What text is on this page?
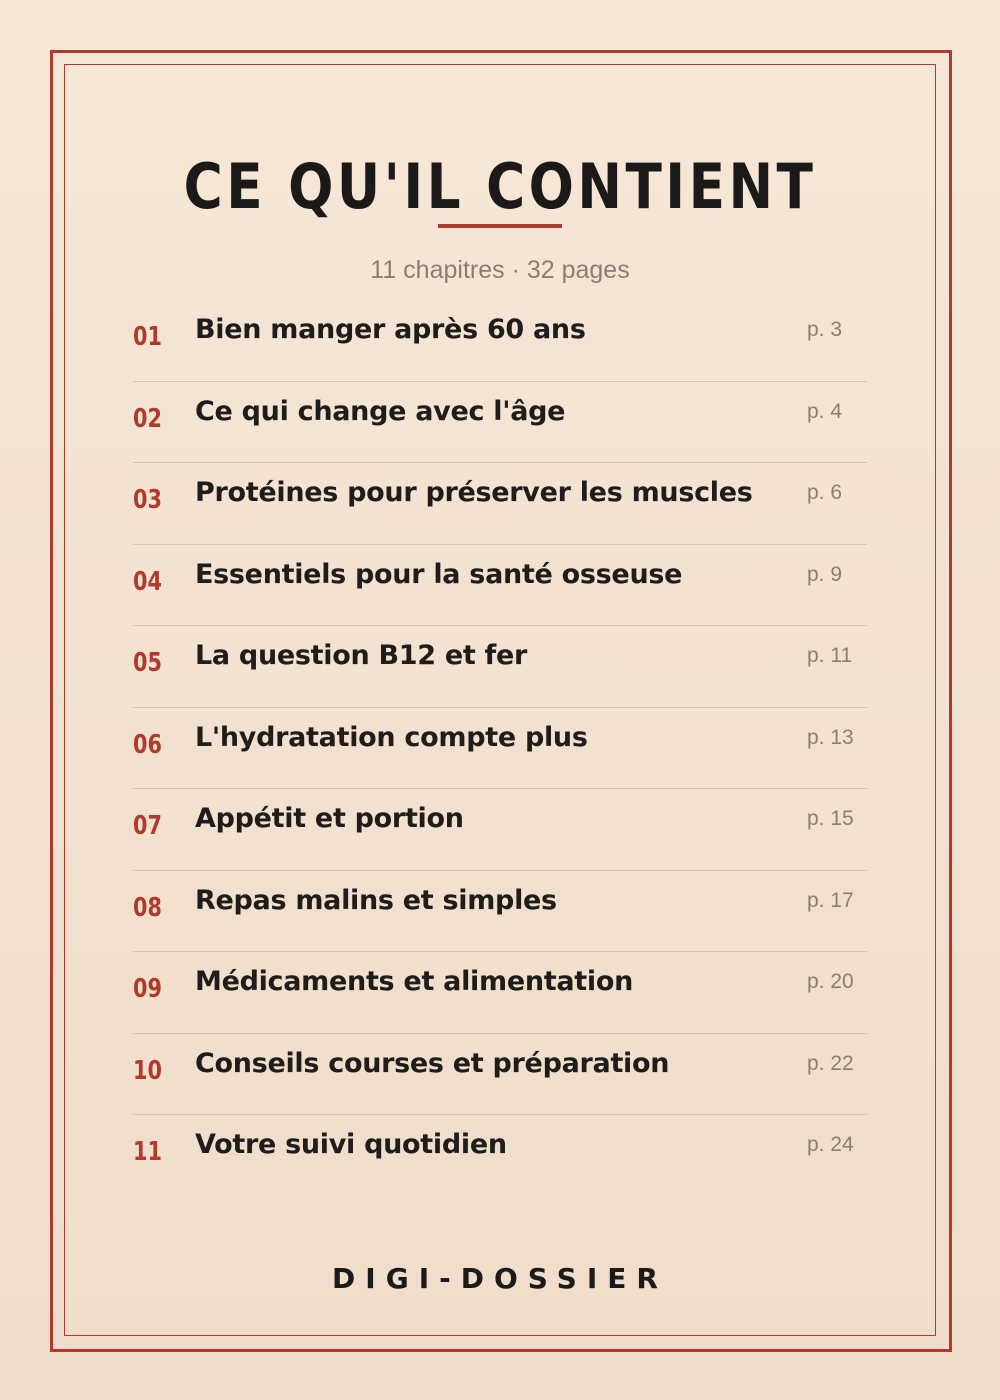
CE QU'IL CONTIENT
11 chapitres · 32 pages
01 Bien manger après 60 ans	p. 3
02 Ce qui change avec l'âge	p. 4
03 Protéines pour préserver les muscles	p. 6
04 Essentiels pour la santé osseuse	p. 9
05 La question B12 et fer	p. 11
06 L'hydratation compte plus	p. 13
07 Appétit et portion	p. 15
08 Repas malins et simples	p. 17
09 Médicaments et alimentation	p. 20
10 Conseils courses et préparation	p. 22
11 Votre suivi quotidien	p. 24
DIGI-DOSSIER
